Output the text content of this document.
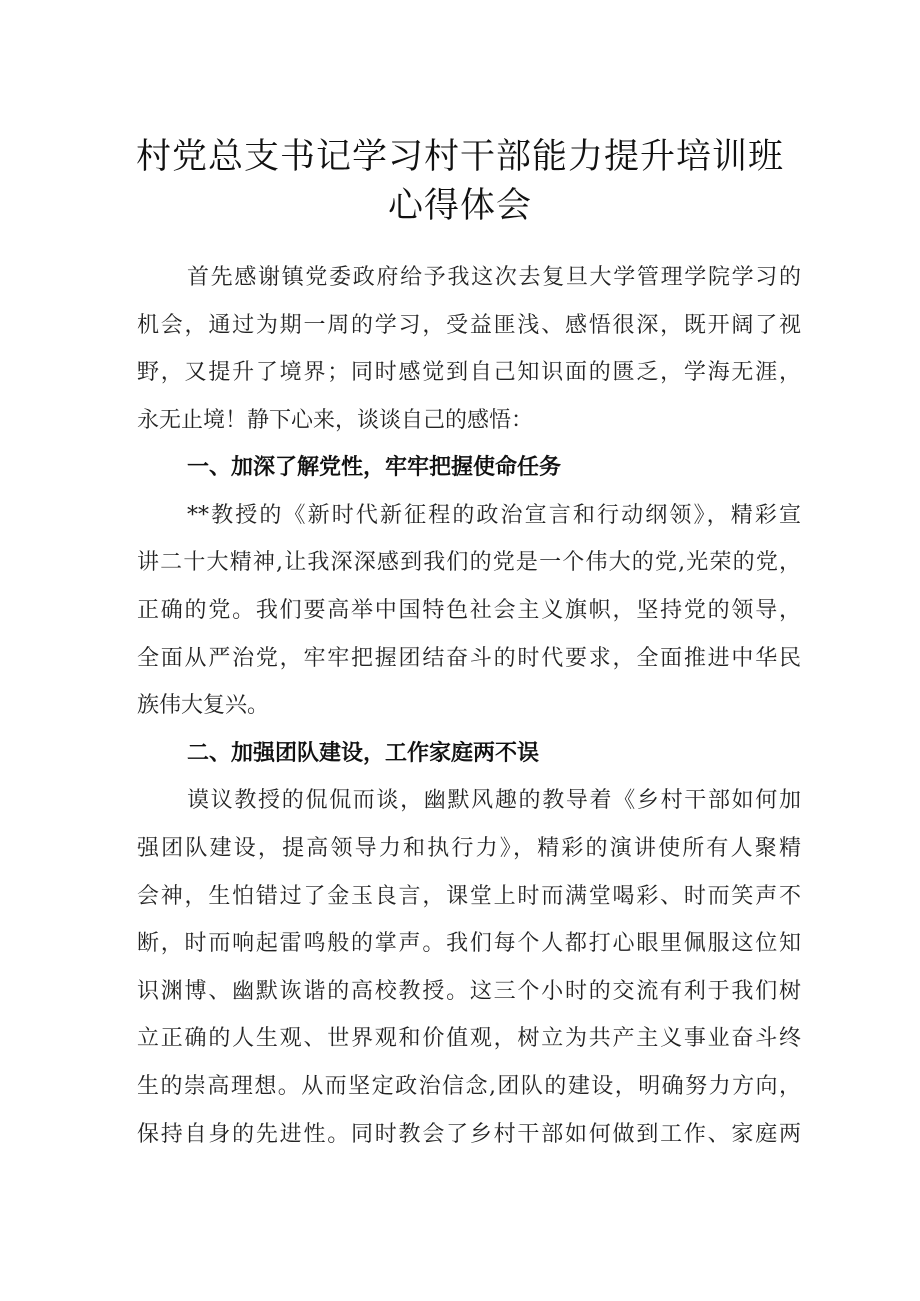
村党总支书记学习村干部能力提升培训班
心得体会
首先感谢镇党委政府给予我这次去复旦大学管理学院学习的
机会，通过为期一周的学习，受益匪浅、感悟很深，既开阔了视
野，又提升了境界；同时感觉到自己知识面的匮乏，学海无涯，
永无止境！静下心来，谈谈自己的感悟：
一、加深了解党性，牢牢把握使命任务
**教授的《新时代新征程的政治宣言和行动纲领》，精彩宣
讲二十大精神,让我深深感到我们的党是一个伟大的党,光荣的党，
正确的党。我们要高举中国特色社会主义旗帜，坚持党的领导，
全面从严治党，牢牢把握团结奋斗的时代要求，全面推进中华民
族伟大复兴。
二、加强团队建设，工作家庭两不误
谟议教授的侃侃而谈，幽默风趣的教导着《乡村干部如何加
强团队建设，提高领导力和执行力》，精彩的演讲使所有人聚精
会神，生怕错过了金玉良言，课堂上时而满堂喝彩、时而笑声不
断，时而响起雷鸣般的掌声。我们每个人都打心眼里佩服这位知
识渊博、幽默诙谐的高校教授。这三个小时的交流有利于我们树
立正确的人生观、世界观和价值观，树立为共产主义事业奋斗终
生的崇高理想。从而坚定政治信念,团队的建设，明确努力方向，
保持自身的先进性。同时教会了乡村干部如何做到工作、家庭两
